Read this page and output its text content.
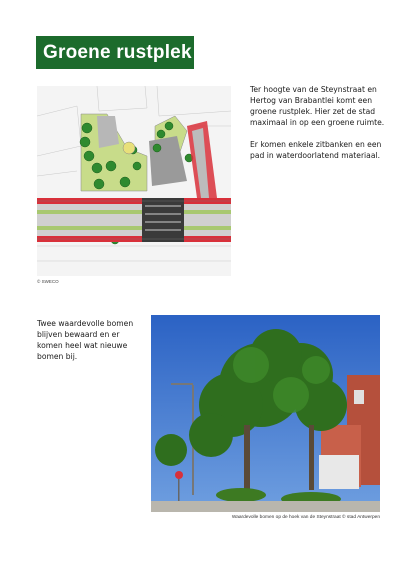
Groene rustplek
© SWECO

Ter hoogte van de Steynstraat en Hertog van Brabantlei komt een groene rustplek. Hier zet de stad maximaal in op een groene ruimte.

Er komen enkele zitbanken en een pad in waterdoorlatend materiaal.

Twee waardevolle bomen blijven bewaard en er komen heel wat nieuwe bomen bij.
Waardevolle bomen op de hoek van de Steynstraat © stad Antwerpen
